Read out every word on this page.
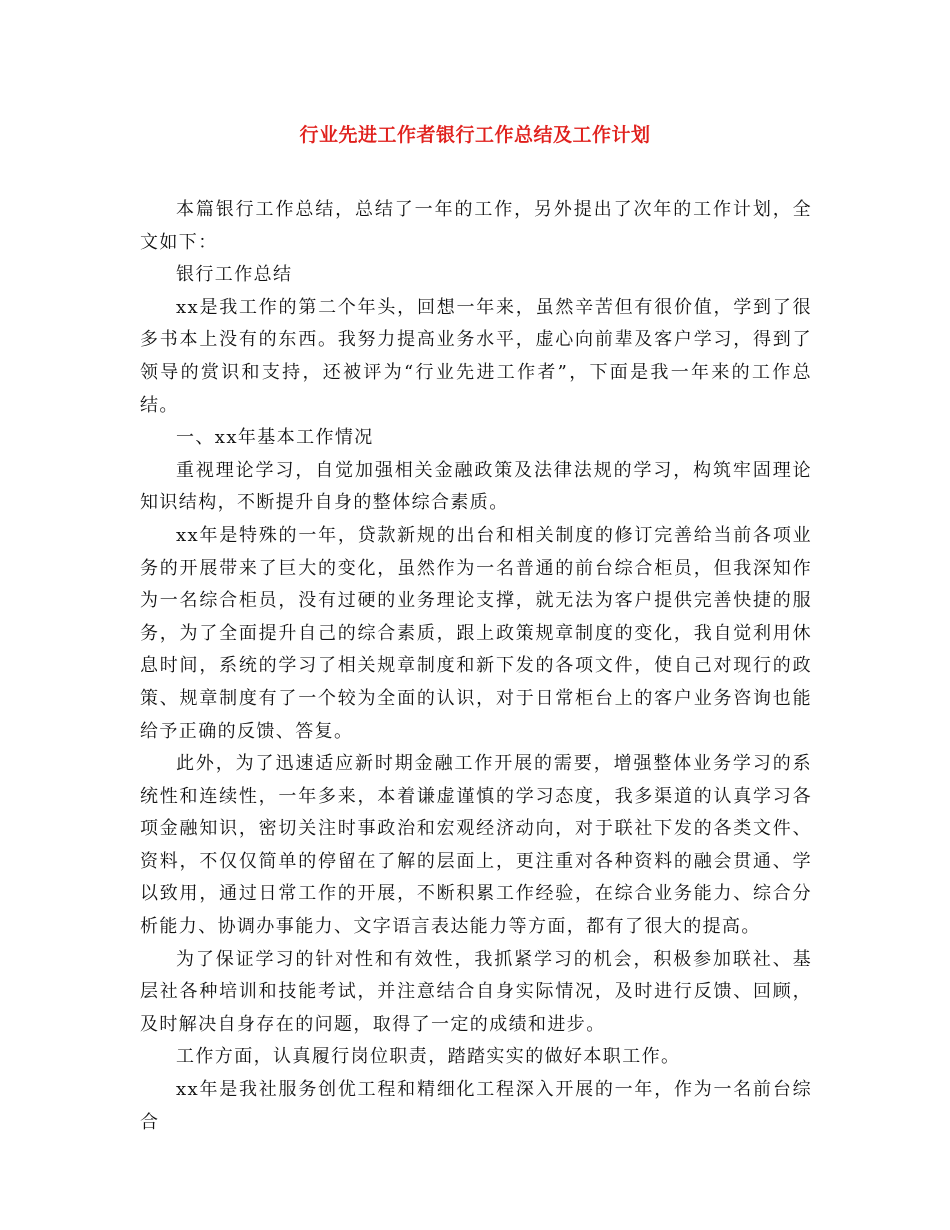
行业先进工作者银行工作总结及工作计划

本篇银行工作总结，总结了一年的工作，另外提出了次年的工作计划，全文如下：

银行工作总结

xx是我工作的第二个年头，回想一年来，虽然辛苦但有很价值，学到了很多书本上没有的东西。我努力提高业务水平，虚心向前辈及客户学习，得到了领导的赏识和支持，还被评为“行业先进工作者”，下面是我一年来的工作总结。

一、xx年基本工作情况

重视理论学习，自觉加强相关金融政策及法律法规的学习，构筑牢固理论知识结构，不断提升自身的整体综合素质。

xx年是特殊的一年，贷款新规的出台和相关制度的修订完善给当前各项业务的开展带来了巨大的变化，虽然作为一名普通的前台综合柜员，但我深知作为一名综合柜员，没有过硬的业务理论支撑，就无法为客户提供完善快捷的服务，为了全面提升自己的综合素质，跟上政策规章制度的变化，我自觉利用休息时间，系统的学习了相关规章制度和新下发的各项文件，使自己对现行的政策、规章制度有了一个较为全面的认识，对于日常柜台上的客户业务咨询也能给予正确的反馈、答复。

此外，为了迅速适应新时期金融工作开展的需要，增强整体业务学习的系统性和连续性，一年多来，本着谦虚谨慎的学习态度，我多渠道的认真学习各项金融知识，密切关注时事政治和宏观经济动向，对于联社下发的各类文件、资料，不仅仅简单的停留在了解的层面上，更注重对各种资料的融会贯通、学以致用，通过日常工作的开展，不断积累工作经验，在综合业务能力、综合分析能力、协调办事能力、文字语言表达能力等方面，都有了很大的提高。

为了保证学习的针对性和有效性，我抓紧学习的机会，积极参加联社、基层社各种培训和技能考试，并注意结合自身实际情况，及时进行反馈、回顾，及时解决自身存在的问题，取得了一定的成绩和进步。

工作方面，认真履行岗位职责，踏踏实实的做好本职工作。

xx年是我社服务创优工程和精细化工程深入开展的一年，作为一名前台综合
